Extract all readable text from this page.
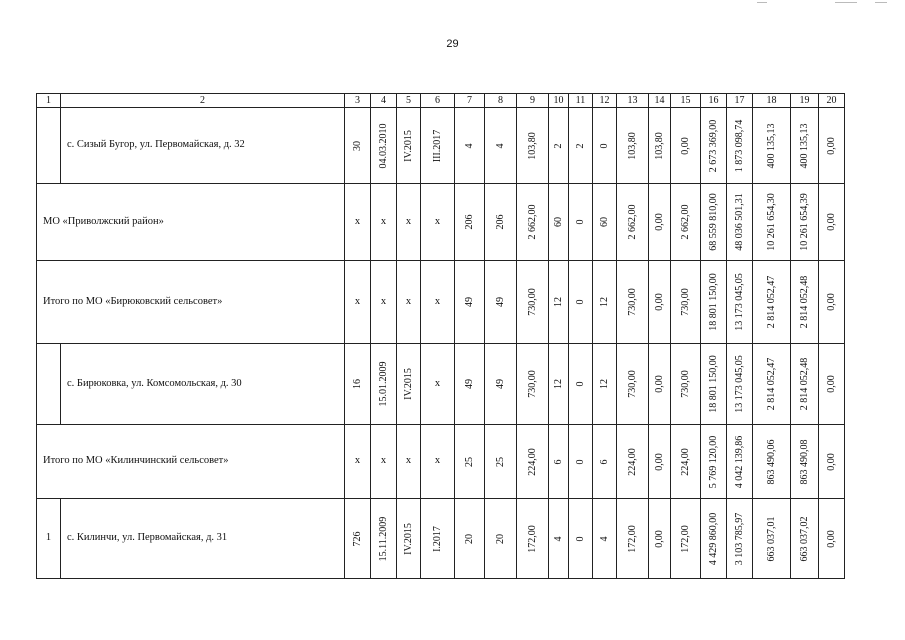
29
1	2	3	4	5	6	7	8	9	10	11	12	13	14	15	16	17	18	19	20
	с. Сизый Бугор, ул. Первомайская, д. 32	30	04.03.2010	IV.2015	III.2017	4	4	103,80	2	2	0	103,80	103,80	0,00	2 673 369,00	1 873 098,74	400 135,13	400 135,13	0,00

МО «Приволжский район»		х	х	х	х	206	206	2 662,00	60	0	60	2 662,00	0,00	2 662,00	68 559 810,00	48 036 501,31	10 261 654,30	10 261 654,39	0,00

Итого по МО «Бирюковский сельсовет»		х	х	х	х	49	49	730,00	12	0	12	730,00	0,00	730,00	18 801 150,00	13 173 045,05	2 814 052,47	2 814 052,48	0,00

	с. Бирюковка, ул. Комсомольская, д. 30	16	15.01.2009	IV.2015	х	49	49	730,00	12	0	12	730,00	0,00	730,00	18 801 150,00	13 173 045,05	2 814 052,47	2 814 052,48	0,00

Итого по МО «Килинчинский сельсовет»		х	х	х	х	25	25	224,00	6	0	6	224,00	0,00	224,00	5 769 120,00	4 042 139,86	863 490,06	863 490,08	0,00

1	с. Килинчи, ул. Первомайская, д. 31	726	15.11.2009	IV.2015	I.2017	20	20	172,00	4	0	4	172,00	0,00	172,00	4 429 860,00	3 103 785,97	663 037,01	663 037,02	0,00
